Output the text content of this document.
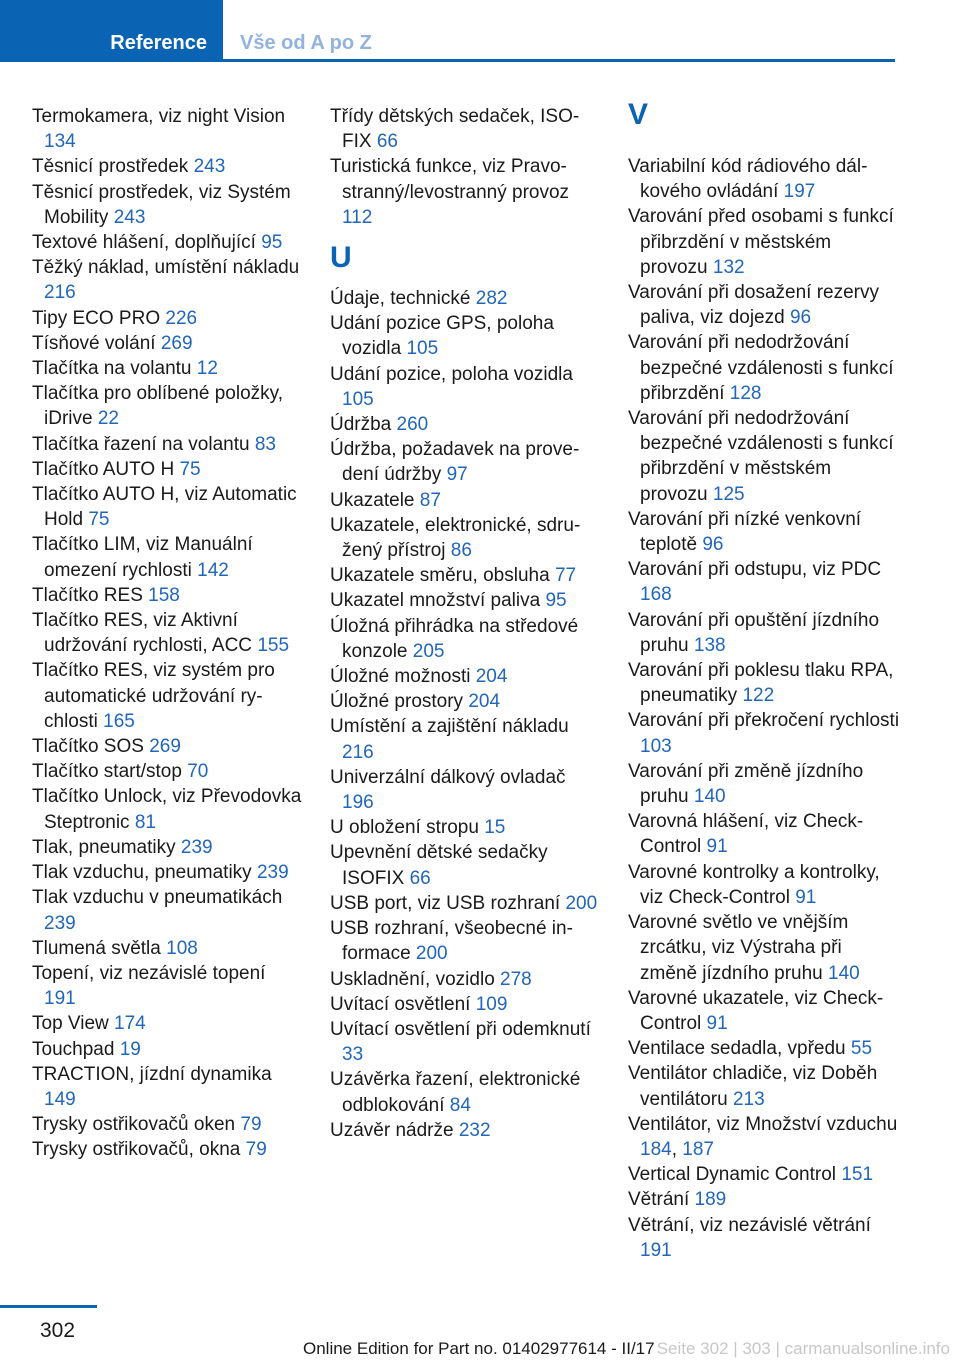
Reference	Vše od A po Z
Termokamera, viz night Vision 134
Těsnicí prostředek 243
Těsnicí prostředek, viz Systém Mobility 243
Textové hlášení, doplňující 95
Těžký náklad, umístění nákladu 216
Tipy ECO PRO 226
Tísňové volání 269
Tlačítka na volantu 12
Tlačítka pro oblíbené položky, iDrive 22
Tlačítka řazení na volantu 83
Tlačítko AUTO H 75
Tlačítko AUTO H, viz Automatic Hold 75
Tlačítko LIM, viz Manuální omezení rychlosti 142
Tlačítko RES 158
Tlačítko RES, viz Aktivní udržování rychlosti, ACC 155
Tlačítko RES, viz systém pro automatické udržování rychlosti 165
Tlačítko SOS 269
Tlačítko start/stop 70
Tlačítko Unlock, viz Převodovka Steptronic 81
Tlak, pneumatiky 239
Tlak vzduchu, pneumatiky 239
Tlak vzduchu v pneumatikách 239
Tlumená světla 108
Topení, viz nezávislé topení 191
Top View 174
Touchpad 19
TRACTION, jízdní dynamika 149
Trysky ostřikovačů oken 79
Trysky ostřikovačů, okna 79
Třídy dětských sedaček, ISOFIX 66
Turistická funkce, viz Pravostranný/levostranný provoz 112
U
Údaje, technické 282
Udání pozice GPS, poloha vozidla 105
Udání pozice, poloha vozidla 105
Údržba 260
Údržba, požadavek na provedení údržby 97
Ukazatele 87
Ukazatele, elektronické, sdružený přístroj 86
Ukazatele směru, obsluha 77
Ukazatel množství paliva 95
Úložná přihrádka na středové konzole 205
Úložné možnosti 204
Úložné prostory 204
Umístění a zajištění nákladu 216
Univerzální dálkový ovladač 196
U obložení stropu 15
Upevnění dětské sedačky ISOFIX 66
USB port, viz USB rozhraní 200
USB rozhraní, všeobecné informace 200
Uskladnění, vozidlo 278
Uvítací osvětlení 109
Uvítací osvětlení při odemknutí 33
Uzávěrka řazení, elektronické odblokování 84
Uzávěr nádrže 232
V
Variabilní kód rádiového dálkového ovládání 197
Varování před osobami s funkcí přibrzdění v městském provozu 132
Varování při dosažení rezervy paliva, viz dojezd 96
Varování při nedodržování bezpečné vzdálenosti s funkcí přibrzdění 128
Varování při nedodržování bezpečné vzdálenosti s funkcí přibrzdění v městském provozu 125
Varování při nízké venkovní teplotě 96
Varování při odstupu, viz PDC 168
Varování při opuštění jízdního pruhu 138
Varování při poklesu tlaku RPA, pneumatiky 122
Varování při překročení rychlosti 103
Varování při změně jízdního pruhu 140
Varovná hlášení, viz Check-Control 91
Varovné kontrolky a kontrolky, viz Check-Control 91
Varovné světlo ve vnějším zrcátku, viz Výstraha při změně jízdního pruhu 140
Varovné ukazatele, viz Check-Control 91
Ventilace sedadla, vpředu 55
Ventilátor chladiče, viz Doběh ventilátoru 213
Ventilátor, viz Množství vzduchu 184, 187
Vertical Dynamic Control 151
Větrání 189
Větrání, viz nezávislé větrání 191
302
Seite 302 | 303 | carmanualsonline.info
Online Edition for Part no. 01402977614 - II/17
